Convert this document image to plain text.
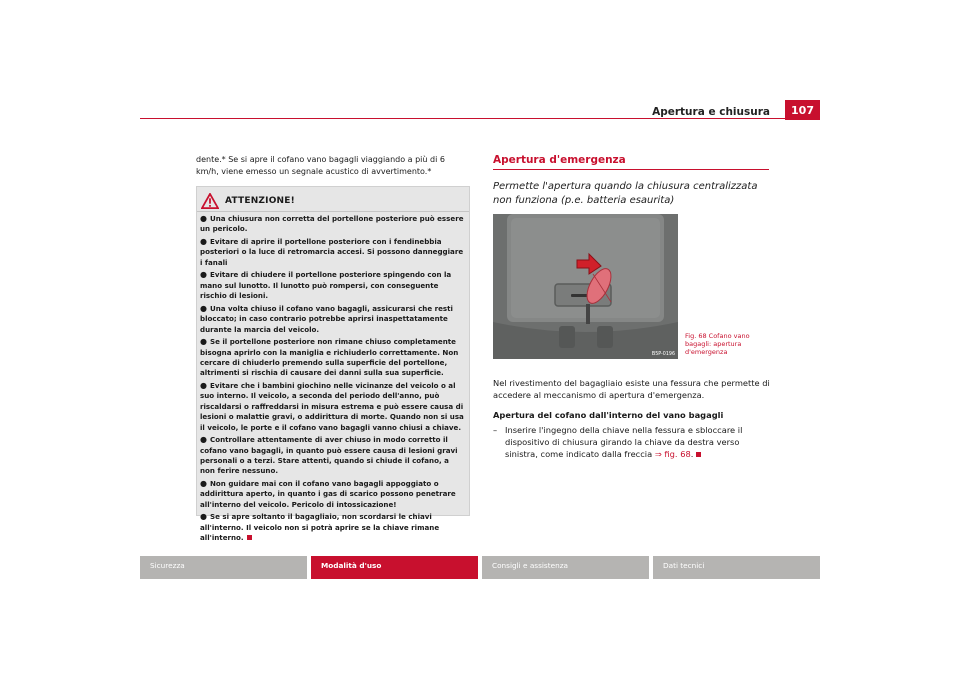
Apertura e chiusura	107

dente.* Se si apre il cofano vano bagagli viaggiando a più di 6 km/h, viene emesso un segnale acustico di avvertimento.*

ATTENZIONE!
● Una chiusura non corretta del portellone posteriore può essere un pericolo.
● Evitare di aprire il portellone posteriore con i fendinebbia posteriori o la luce di retromarcia accesi. Si possono danneggiare i fanali
● Evitare di chiudere il portellone posteriore spingendo con la mano sul lunotto. Il lunotto può rompersi, con conseguente rischio di lesioni.
● Una volta chiuso il cofano vano bagagli, assicurarsi che resti bloccato; in caso contrario potrebbe aprirsi inaspettatamente durante la marcia del veicolo.
● Se il portellone posteriore non rimane chiuso completamente bisogna aprirlo con la maniglia e richiuderlo correttamente. Non cercare di chiuderlo premendo sulla superficie del portellone, altrimenti si rischia di causare dei danni sulla sua superficie.
● Evitare che i bambini giochino nelle vicinanze del veicolo o al suo interno. Il veicolo, a seconda del periodo dell'anno, può riscaldarsi o raffreddarsi in misura estrema e può essere causa di lesioni o malattie gravi, o addirittura di morte. Quando non si usa il veicolo, le porte e il cofano vano bagagli vanno chiusi a chiave.
● Controllare attentamente di aver chiuso in modo corretto il cofano vano bagagli, in quanto può essere causa di lesioni gravi personali o a terzi. Stare attenti, quando si chiude il cofano, a non ferire nessuno.
● Non guidare mai con il cofano vano bagagli appoggiato o addirittura aperto, in quanto i gas di scarico possono penetrare all'interno del veicolo. Pericolo di intossicazione!
● Se si apre soltanto il bagagliaio, non scordarsi le chiavi all'interno. Il veicolo non si potrà aprire se la chiave rimane all'interno.
Apertura d'emergenza

Permette l'apertura quando la chiusura centralizzata non funziona (p.e. batteria esaurita)

B5P-0196
Fig. 68 Cofano vano bagagli: apertura d'emergenza

Nel rivestimento del bagagliaio esiste una fessura che permette di accedere al meccanismo di apertura d'emergenza.

Apertura del cofano dall'interno del vano bagagli
– Inserire l'ingegno della chiave nella fessura e sbloccare il dispositivo di chiusura girando la chiave da destra verso sinistra, come indicato dalla freccia ⇒ fig. 68.
Sicurezza	Modalità d'uso	Consigli e assistenza	Dati tecnici
